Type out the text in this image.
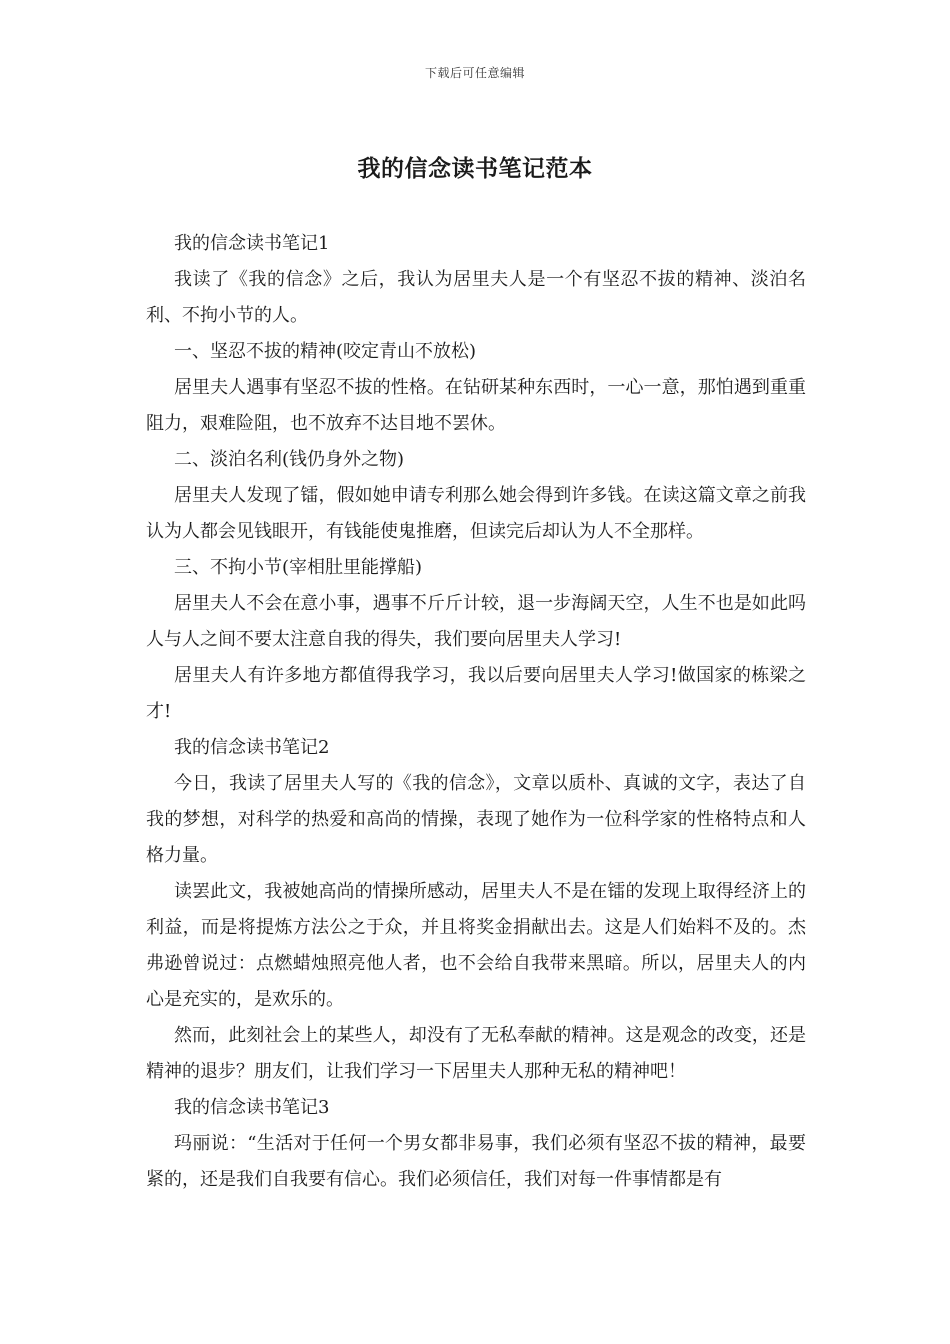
下载后可任意编辑
我的信念读书笔记范本

我的信念读书笔记1

我读了《我的信念》之后，我认为居里夫人是一个有坚忍不拔的精神、淡泊名利、不拘小节的人。

一、坚忍不拔的精神(咬定青山不放松)

居里夫人遇事有坚忍不拔的性格。在钻研某种东西时，一心一意，那怕遇到重重阻力，艰难险阻，也不放弃不达目地不罢休。

二、淡泊名利(钱仍身外之物)

居里夫人发现了镭，假如她申请专利那么她会得到许多钱。在读这篇文章之前我认为人都会见钱眼开，有钱能使鬼推磨，但读完后却认为人不全那样。

三、不拘小节(宰相肚里能撑船)

居里夫人不会在意小事，遇事不斤斤计较，退一步海阔天空，人生不也是如此吗人与人之间不要太注意自我的得失，我们要向居里夫人学习!

居里夫人有许多地方都值得我学习，我以后要向居里夫人学习!做国家的栋梁之才!

我的信念读书笔记2

今日，我读了居里夫人写的《我的信念》，文章以质朴、真诚的文字，表达了自我的梦想，对科学的热爱和高尚的情操，表现了她作为一位科学家的性格特点和人格力量。

读罢此文，我被她高尚的情操所感动，居里夫人不是在镭的发现上取得经济上的利益，而是将提炼方法公之于众，并且将奖金捐献出去。这是人们始料不及的。杰弗逊曾说过：点燃蜡烛照亮他人者，也不会给自我带来黑暗。所以，居里夫人的内心是充实的，是欢乐的。

然而，此刻社会上的某些人，却没有了无私奉献的精神。这是观念的改变，还是精神的退步？朋友们，让我们学习一下居里夫人那种无私的精神吧！

我的信念读书笔记3

玛丽说：“生活对于任何一个男女都非易事，我们必须有坚忍不拔的精神，最要紧的，还是我们自我要有信心。我们必须信任，我们对每一件事情都是有
